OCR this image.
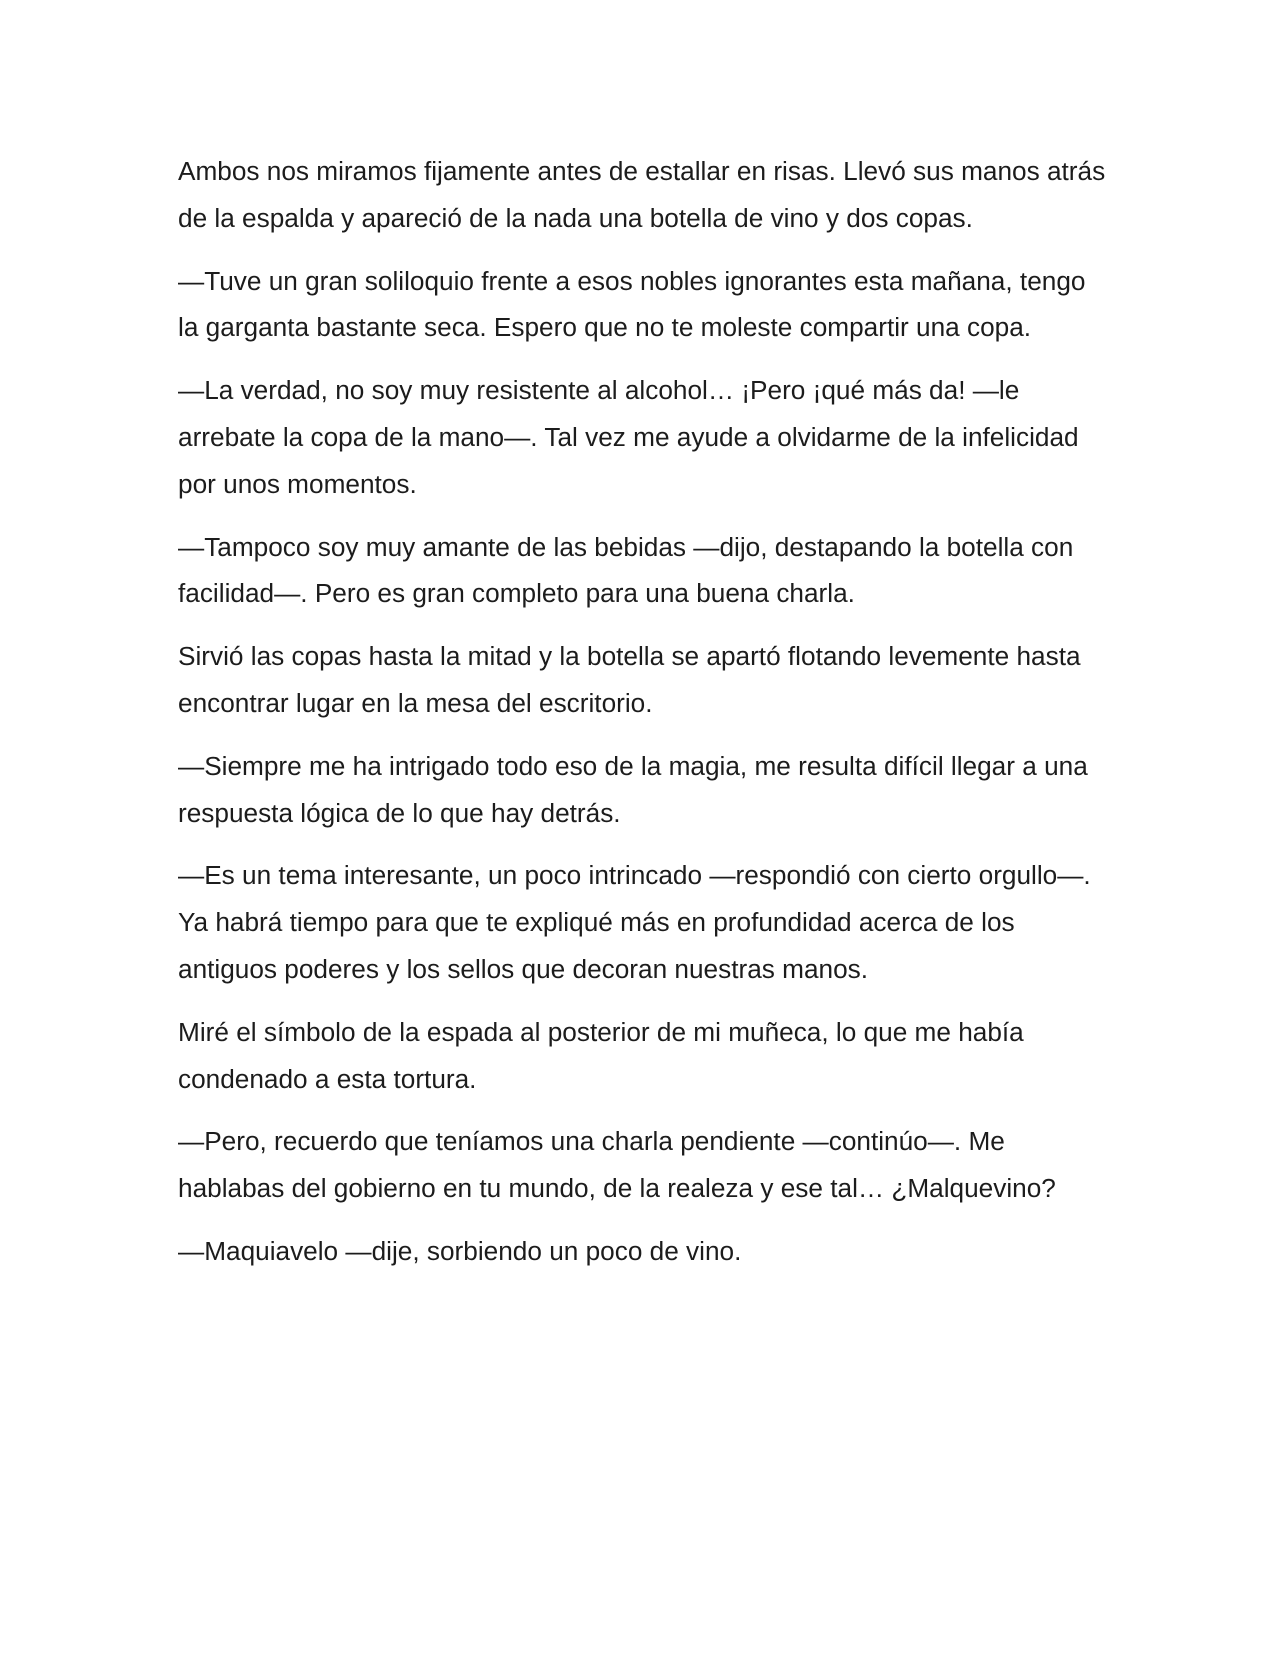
Ambos nos miramos fijamente antes de estallar en risas. Llevó sus manos atrás de la espalda y apareció de la nada una botella de vino y dos copas.

—Tuve un gran soliloquio frente a esos nobles ignorantes esta mañana, tengo la garganta bastante seca. Espero que no te moleste compartir una copa.

—La verdad, no soy muy resistente al alcohol… ¡Pero ¡qué más da! —le arrebate la copa de la mano—. Tal vez me ayude a olvidarme de la infelicidad por unos momentos.

—Tampoco soy muy amante de las bebidas —dijo, destapando la botella con facilidad—. Pero es gran completo para una buena charla.

Sirvió las copas hasta la mitad y la botella se apartó flotando levemente hasta encontrar lugar en la mesa del escritorio.

—Siempre me ha intrigado todo eso de la magia, me resulta difícil llegar a una respuesta lógica de lo que hay detrás.

—Es un tema interesante, un poco intrincado —respondió con cierto orgullo—. Ya habrá tiempo para que te expliqué más en profundidad acerca de los antiguos poderes y los sellos que decoran nuestras manos.

Miré el símbolo de la espada al posterior de mi muñeca, lo que me había condenado a esta tortura.

—Pero, recuerdo que teníamos una charla pendiente —continúo—. Me hablabas del gobierno en tu mundo, de la realeza y ese tal… ¿Malquevino?

—Maquiavelo —dije, sorbiendo un poco de vino.
